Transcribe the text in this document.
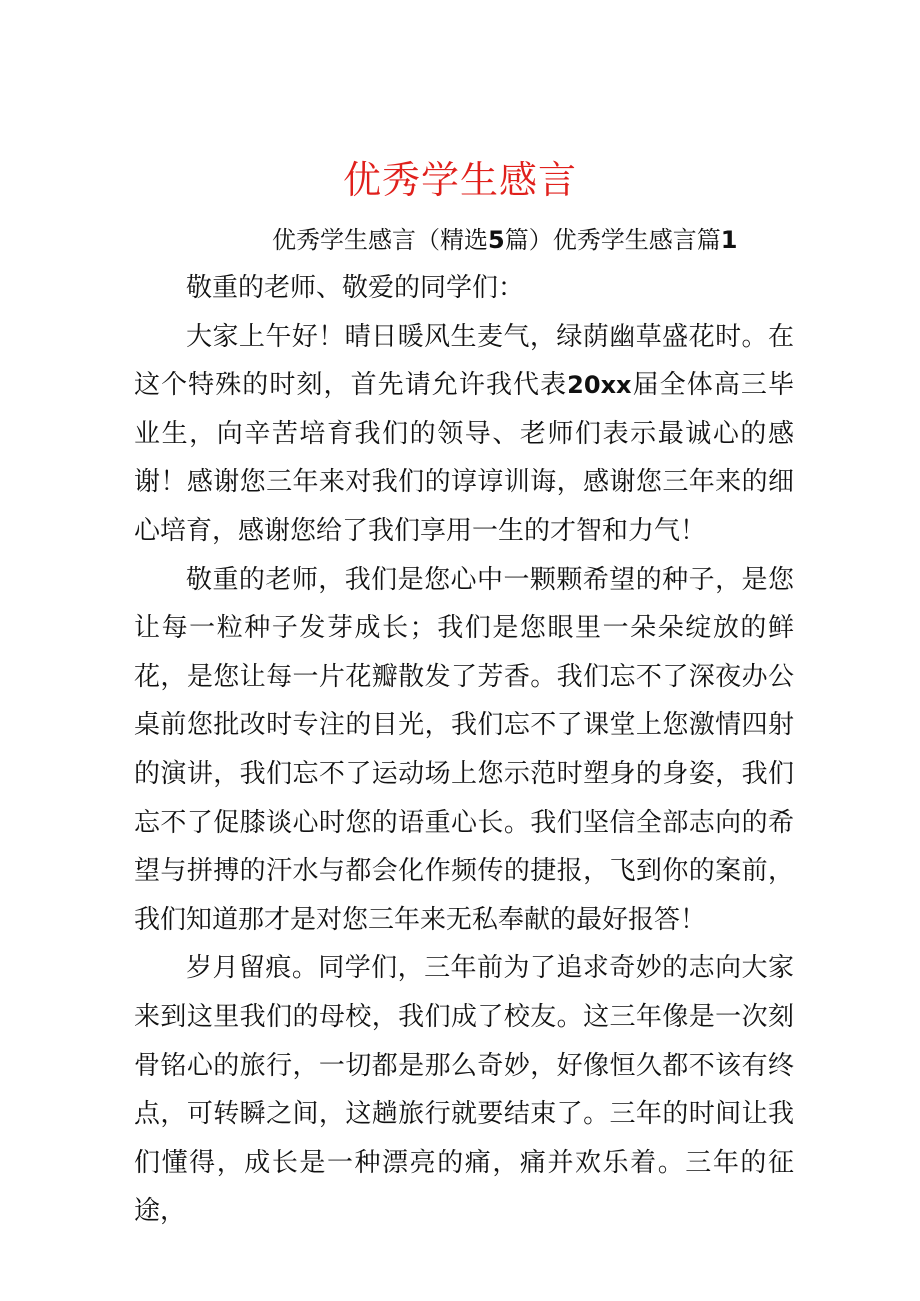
优秀学生感言
优秀学生感言（精选5篇）优秀学生感言篇1

敬重的老师、敬爱的同学们：

大家上午好！晴日暖风生麦气，绿荫幽草盛花时。在这个特殊的时刻，首先请允许我代表20xx届全体高三毕业生，向辛苦培育我们的领导、老师们表示最诚心的感谢！感谢您三年来对我们的谆谆训诲，感谢您三年来的细心培育，感谢您给了我们享用一生的才智和力气！

敬重的老师，我们是您心中一颗颗希望的种子，是您让每一粒种子发芽成长；我们是您眼里一朵朵绽放的鲜花，是您让每一片花瓣散发了芳香。我们忘不了深夜办公桌前您批改时专注的目光，我们忘不了课堂上您激情四射的演讲，我们忘不了运动场上您示范时塑身的身姿，我们忘不了促膝谈心时您的语重心长。我们坚信全部志向的希望与拼搏的汗水与都会化作频传的捷报，飞到你的案前，我们知道那才是对您三年来无私奉献的最好报答！

岁月留痕。同学们，三年前为了追求奇妙的志向大家来到这里我们的母校，我们成了校友。这三年像是一次刻骨铭心的旅行，一切都是那么奇妙，好像恒久都不该有终点，可转瞬之间，这趟旅行就要结束了。三年的时间让我们懂得，成长是一种漂亮的痛，痛并欢乐着。三年的征途，
